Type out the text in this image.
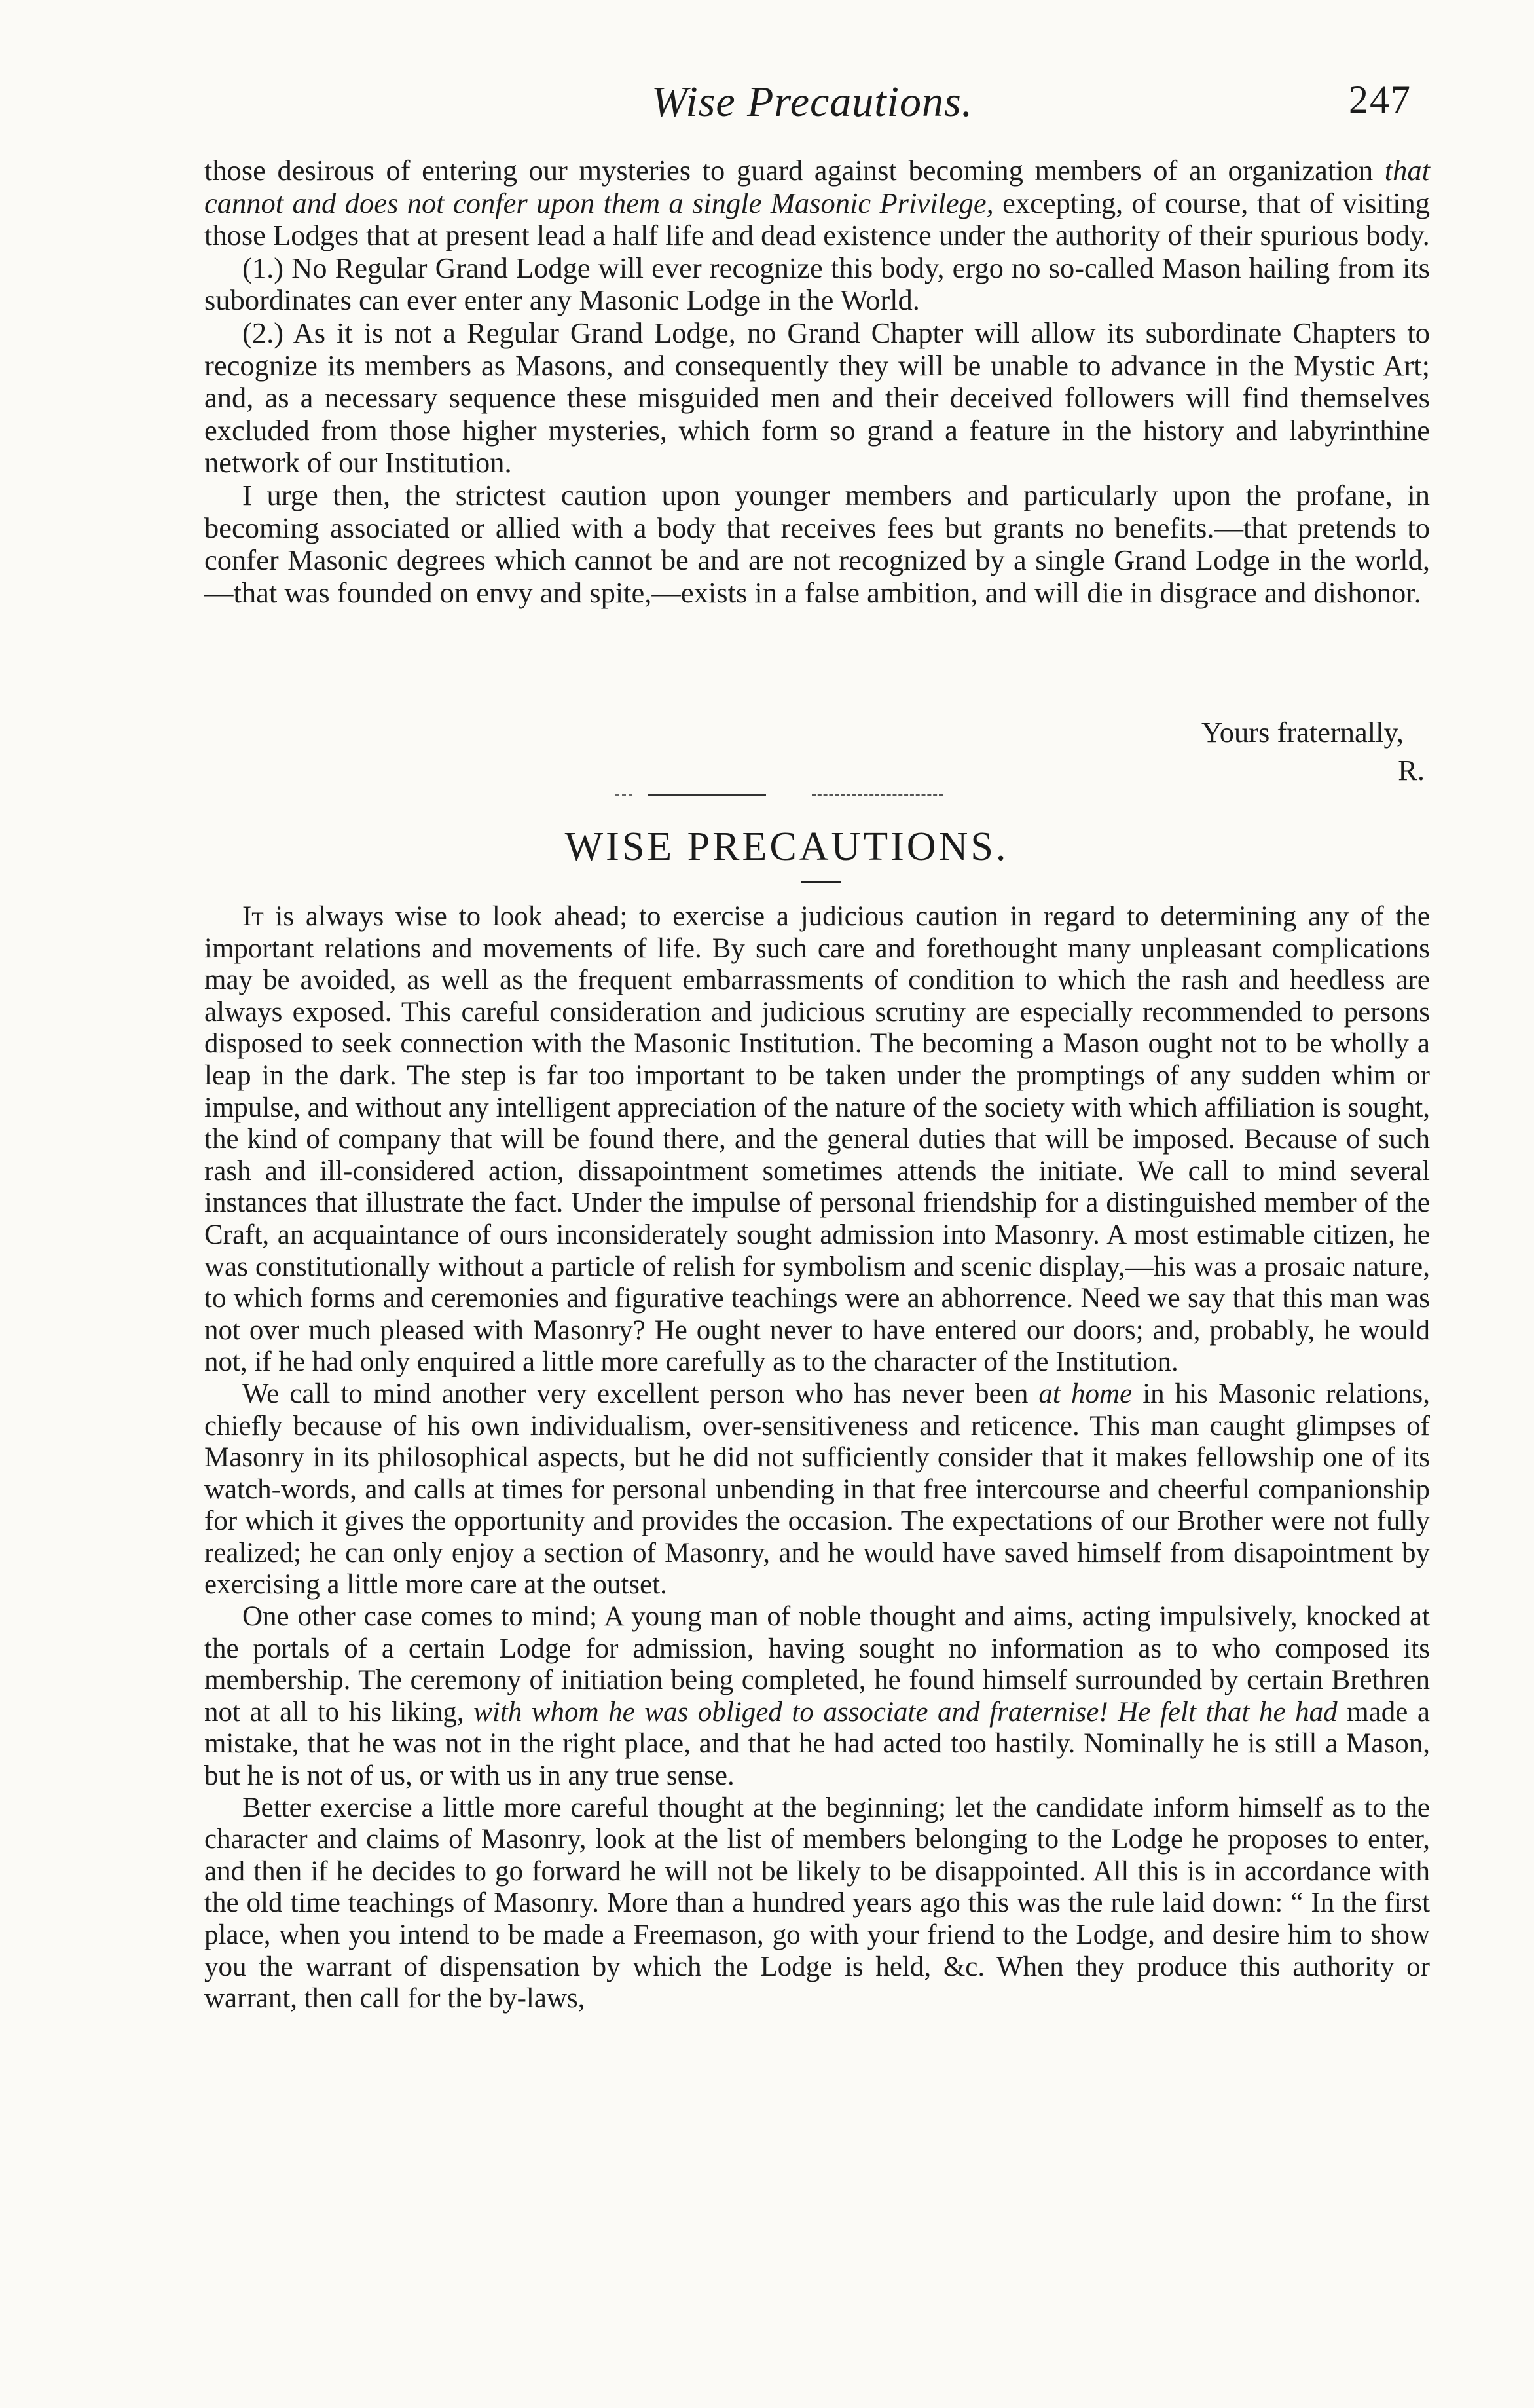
Wise Precautions.	247

those desirous of entering our mysteries to guard against becoming members of an organization that cannot and does not confer upon them a single Masonic Privilege, excepting, of course, that of visiting those Lodges that at present lead a half life and dead existence under the authority of their spurious body.

(1.) No Regular Grand Lodge will ever recognize this body, ergo no so-called Mason hailing from its subordinates can ever enter any Masonic Lodge in the World.

(2.) As it is not a Regular Grand Lodge, no Grand Chapter will allow its subordinate Chapters to recognize its members as Masons, and consequently they will be unable to advance in the Mystic Art; and, as a necessary sequence these misguided men and their deceived followers will find themselves excluded from those higher mysteries, which form so grand a feature in the history and labyrinthine network of our Institution.

I urge then, the strictest caution upon younger members and particularly upon the profane, in becoming associated or allied with a body that receives fees but grants no benefits.—that pretends to confer Masonic degrees which cannot be and are not recognized by a single Grand Lodge in the world,—that was founded on envy and spite,—exists in a false ambition, and will die in disgrace and dishonor.

Yours fraternally,
R.
WISE PRECAUTIONS.

It is always wise to look ahead; to exercise a judicious caution in regard to determining any of the important relations and movements of life. By such care and forethought many unpleasant complications may be avoided, as well as the frequent embarrassments of condition to which the rash and heedless are always exposed. This careful consideration and judicious scrutiny are especially recommended to persons disposed to seek connection with the Masonic Institution. The becoming a Mason ought not to be wholly a leap in the dark. The step is far too important to be taken under the promptings of any sudden whim or impulse, and without any intelligent appreciation of the nature of the society with which affiliation is sought, the kind of company that will be found there, and the general duties that will be imposed. Because of such rash and ill-considered action, dissapointment sometimes attends the initiate. We call to mind several instances that illustrate the fact. Under the impulse of personal friendship for a distinguished member of the Craft, an acquaintance of ours inconsiderately sought admission into Masonry. A most estimable citizen, he was constitutionally without a particle of relish for symbolism and scenic display,—his was a prosaic nature, to which forms and ceremonies and figurative teachings were an abhorrence. Need we say that this man was not over much pleased with Masonry? He ought never to have entered our doors; and, probably, he would not, if he had only enquired a little more carefully as to the character of the Institution.

We call to mind another very excellent person who has never been at home in his Masonic relations, chiefly because of his own individualism, over-sensitiveness and reticence. This man caught glimpses of Masonry in its philosophical aspects, but he did not sufficiently consider that it makes fellowship one of its watch-words, and calls at times for personal unbending in that free intercourse and cheerful companionship for which it gives the opportunity and provides the occasion. The expectations of our Brother were not fully realized; he can only enjoy a section of Masonry, and he would have saved himself from disapointment by exercising a little more care at the outset.

One other case comes to mind; A young man of noble thought and aims, acting impulsively, knocked at the portals of a certain Lodge for admission, having sought no information as to who composed its membership. The ceremony of initiation being completed, he found himself surrounded by certain Brethren not at all to his liking, with whom he was obliged to associate and fraternise! He felt that he had made a mistake, that he was not in the right place, and that he had acted too hastily. Nominally he is still a Mason, but he is not of us, or with us in any true sense.

Better exercise a little more careful thought at the beginning; let the candidate inform himself as to the character and claims of Masonry, look at the list of members belonging to the Lodge he proposes to enter, and then if he decides to go forward he will not be likely to be disappointed. All this is in accordance with the old time teachings of Masonry. More than a hundred years ago this was the rule laid down: “ In the first place, when you intend to be made a Freemason, go with your friend to the Lodge, and desire him to show you the warrant of dispensation by which the Lodge is held, &c. When they produce this authority or warrant, then call for the by-laws,
